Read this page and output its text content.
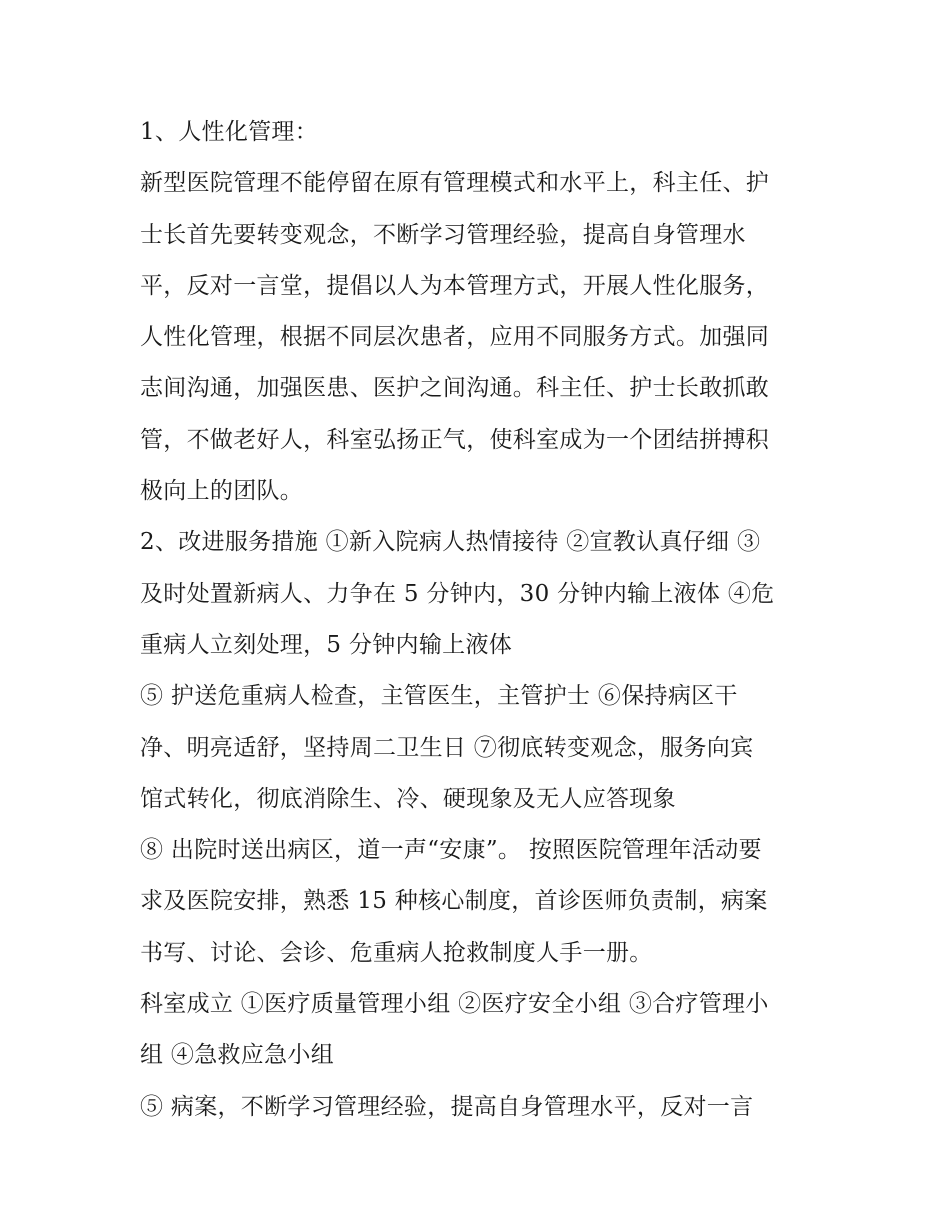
1、人性化管理：
新型医院管理不能停留在原有管理模式和水平上，科主任、护
士长首先要转变观念，不断学习管理经验，提高自身管理水
平，反对一言堂，提倡以人为本管理方式，开展人性化服务，
人性化管理，根据不同层次患者，应用不同服务方式。加强同
志间沟通，加强医患、医护之间沟通。科主任、护士长敢抓敢
管，不做老好人，科室弘扬正气，使科室成为一个团结拼搏积
极向上的团队。
2、改进服务措施 ①新入院病人热情接待 ②宣教认真仔细 ③
及时处置新病人、力争在 5 分钟内，30 分钟内输上液体 ④危
重病人立刻处理，5 分钟内输上液体
⑤ 护送危重病人检查，主管医生，主管护士 ⑥保持病区干
净、明亮适舒，坚持周二卫生日 ⑦彻底转变观念，服务向宾
馆式转化，彻底消除生、冷、硬现象及无人应答现象
⑧ 出院时送出病区，道一声“安康”。 按照医院管理年活动要
求及医院安排，熟悉 15 种核心制度，首诊医师负责制，病案
书写、讨论、会诊、危重病人抢救制度人手一册。
科室成立 ①医疗质量管理小组 ②医疗安全小组 ③合疗管理小
组 ④急救应急小组
⑤ 病案，不断学习管理经验，提高自身管理水平，反对一言
